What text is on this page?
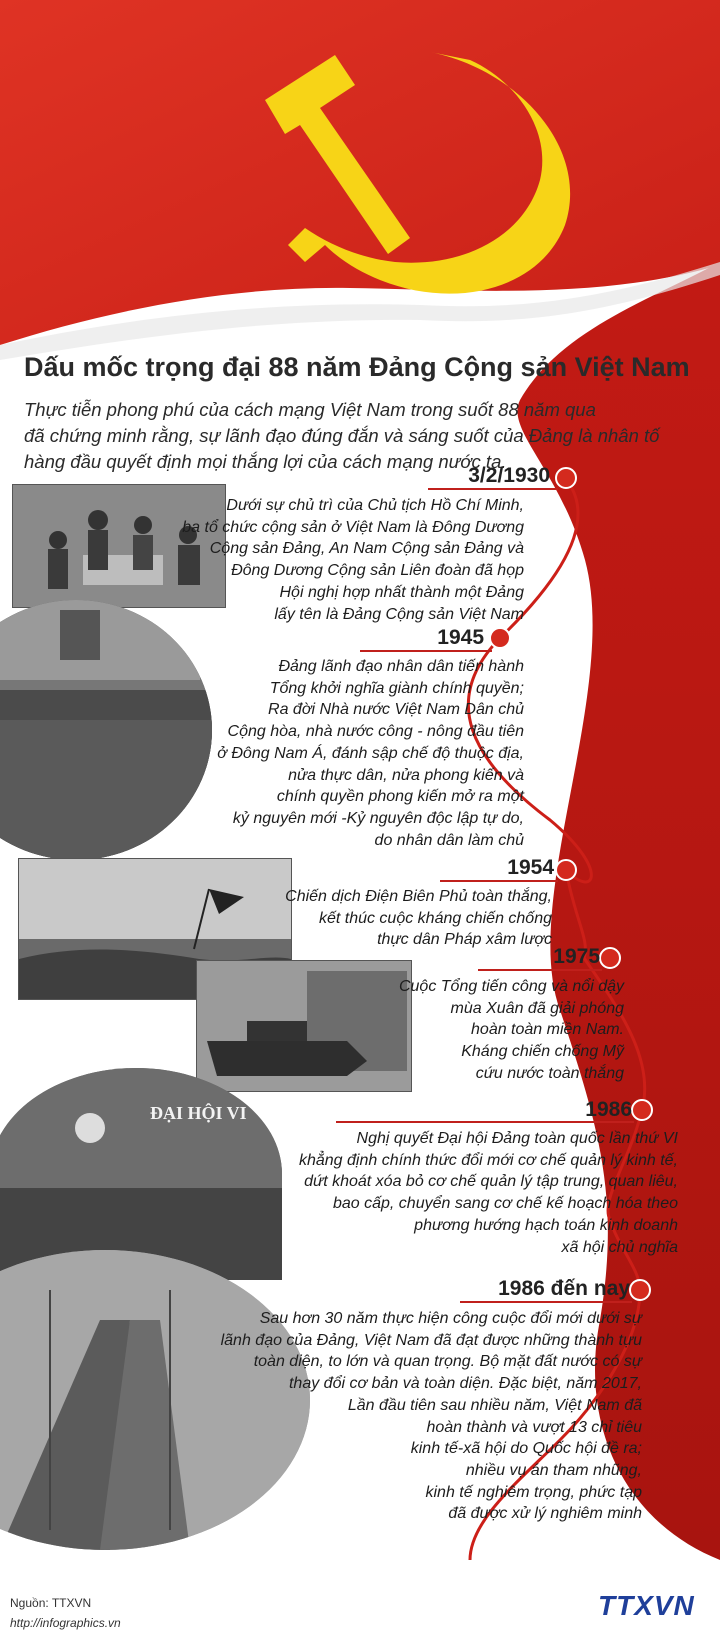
Dấu mốc trọng đại 88 năm Đảng Cộng sản Việt Nam
Thực tiễn phong phú của cách mạng Việt Nam trong suốt 88 năm qua
đã chứng minh rằng, sự lãnh đạo đúng đắn và sáng suốt của Đảng là nhân tố
hàng đầu quyết định mọi thắng lợi của cách mạng nước ta.
ĐẠI HỘI VI
3/2/1930

Dưới sự chủ trì của Chủ tịch Hồ Chí Minh,

ba tổ chức cộng sản ở Việt Nam là Đông Dương

Cộng sản Đảng, An Nam Cộng sản Đảng và

Đông Dương Cộng sản Liên đoàn đã họp

Hội nghị hợp nhất thành một Đảng

lấy tên là Đảng Cộng sản Việt Nam

1945

Đảng lãnh đạo nhân dân tiến hành

Tổng khởi nghĩa giành chính quyền;

Ra đời Nhà nước Việt Nam Dân chủ

Cộng hòa, nhà nước công - nông đầu tiên

ở Đông Nam Á, đánh sập chế độ thuộc địa,

nửa thực dân, nửa phong kiến và

chính quyền phong kiến mở ra một

kỷ nguyên mới -Kỷ nguyên độc lập tự do,

do nhân dân làm chủ

1954

Chiến dịch Điện Biên Phủ toàn thắng,

kết thúc cuộc kháng chiến chống

thực dân Pháp xâm lược

1975

Cuộc Tổng tiến công và nổi dậy

mùa Xuân đã giải phóng

hoàn toàn miền Nam.

Kháng chiến chống Mỹ

cứu nước toàn thắng

1986

Nghị quyết Đại hội Đảng toàn quốc lần thứ VI

khẳng định chính thức đổi mới cơ chế quản lý kinh tế,

dứt khoát xóa bỏ cơ chế quản lý tập trung, quan liêu,

bao cấp, chuyển sang cơ chế kế hoạch hóa theo

phương hướng hạch toán kinh doanh

xã hội chủ nghĩa

1986 đến nay

Sau hơn 30 năm thực hiện công cuộc đổi mới dưới sự

lãnh đạo của Đảng, Việt Nam đã đạt được những thành tựu

toàn diện, to lớn và quan trọng. Bộ mặt đất nước có sự

thay đổi cơ bản và toàn diện. Đặc biệt, năm 2017,

Lần đầu tiên sau nhiều năm, Việt Nam đã

hoàn thành và vượt 13 chỉ tiêu

kinh tế-xã hội do Quốc hội đề ra;

nhiều vụ án tham nhũng,

kinh tế nghiêm trọng, phức tạp

đã được xử lý nghiêm minh

Nguồn: TTXVN
http://infographics.vn
TTXVN
